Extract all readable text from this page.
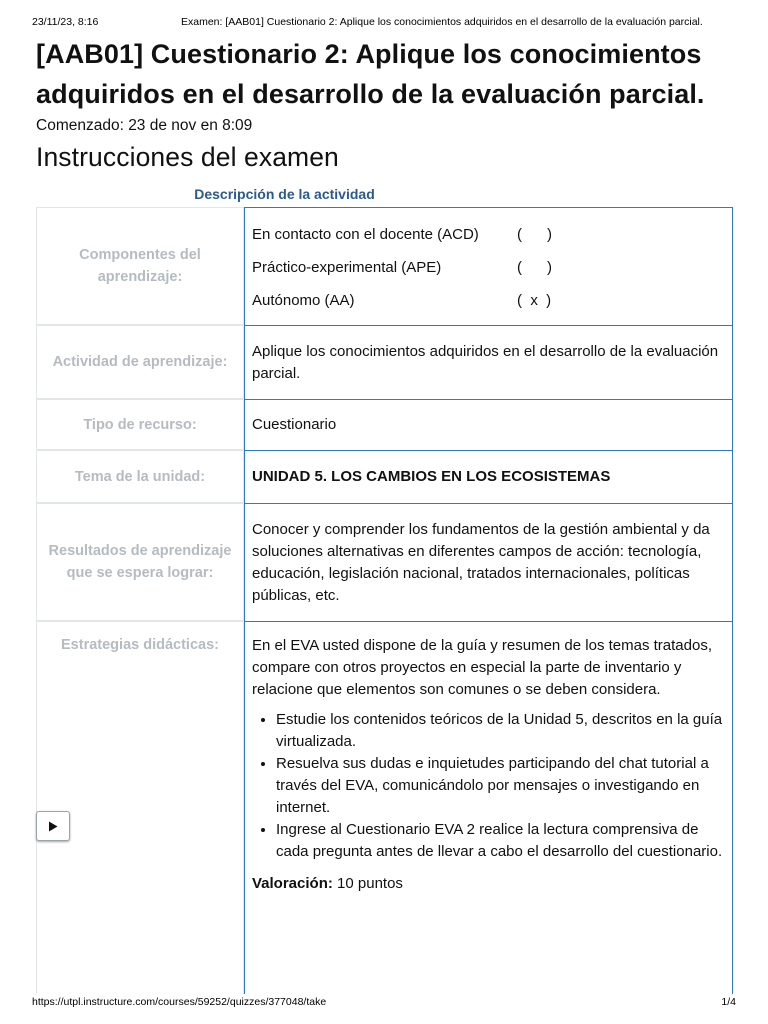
23/11/23, 8:16	Examen: [AAB01] Cuestionario 2: Aplique los conocimientos adquiridos en el desarrollo de la evaluación parcial.
[AAB01] Cuestionario 2: Aplique los conocimientos adquiridos en el desarrollo de la evaluación parcial.
Comenzado: 23 de nov en 8:09
Instrucciones del examen
Descripción de la actividad
Componentes del aprendizaje:
En contacto con el docente (ACD)	(      )
Práctico-experimental (APE)	(      )
Autónomo (AA)	(  x  )
Actividad de aprendizaje:
Aplique los conocimientos adquiridos en el desarrollo de la evaluación parcial.
Tipo de recurso:	Cuestionario
Tema de la unidad:	UNIDAD 5. LOS CAMBIOS EN LOS ECOSISTEMAS
Resultados de aprendizaje que se espera lograr:
Conocer y comprender los fundamentos de la gestión ambiental y da soluciones alternativas en diferentes campos de acción: tecnología, educación, legislación nacional, tratados internacionales, políticas públicas, etc.
Estrategias didácticas:	En el EVA usted dispone de la guía y resumen de los temas tratados, compare con otros proyectos en especial la parte de inventario y relacione que elementos son comunes o se deben considera.
• Estudie los contenidos teóricos de la Unidad 5, descritos en la guía virtualizada.
• Resuelva sus dudas e inquietudes participando del chat tutorial a través del EVA, comunicándolo por mensajes o investigando en internet.
• Ingrese al Cuestionario EVA 2 realice la lectura comprensiva de cada pregunta antes de llevar a cabo el desarrollo del cuestionario.
Valoración: 10 puntos
https://utpl.instructure.com/courses/59252/quizzes/377048/take	1/4
